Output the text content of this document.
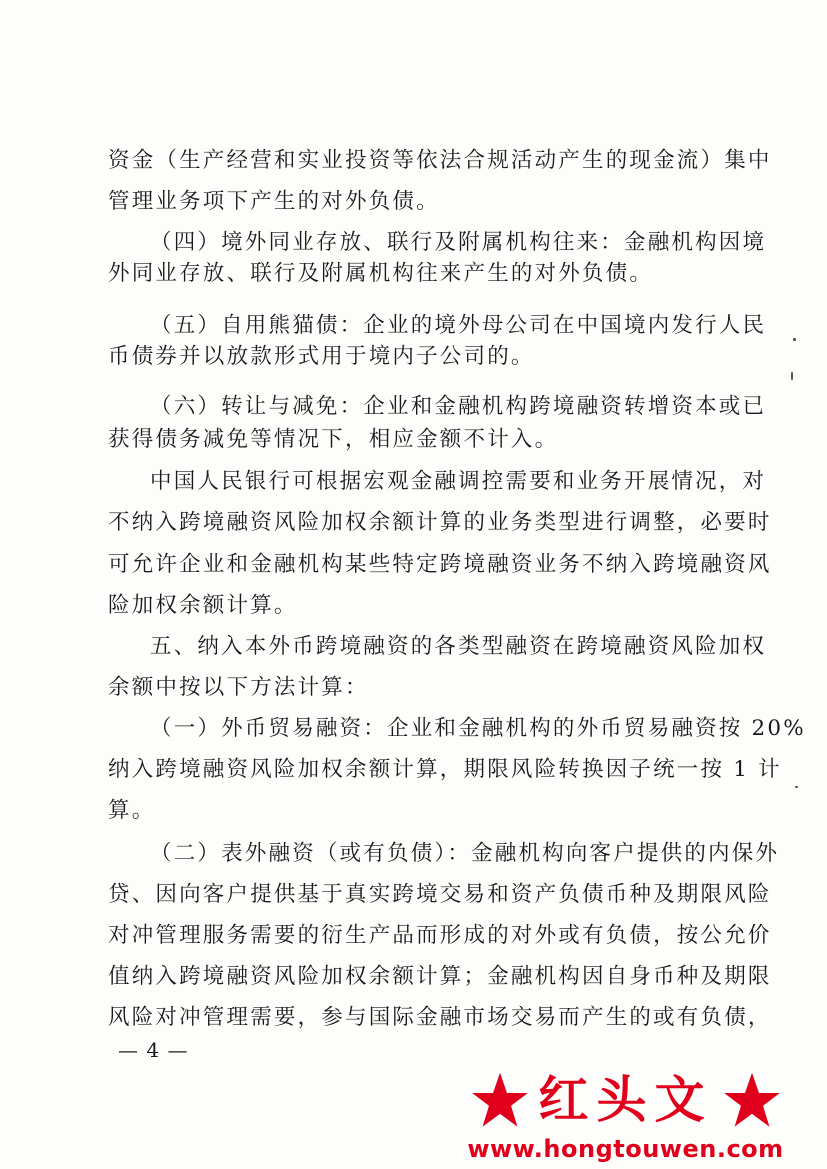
资金（生产经营和实业投资等依法合规活动产生的现金流）集中
管理业务项下产生的对外负债。
（四）境外同业存放、联行及附属机构往来：金融机构因境
外同业存放、联行及附属机构往来产生的对外负债。
（五）自用熊猫债：企业的境外母公司在中国境内发行人民
币债券并以放款形式用于境内子公司的。
（六）转让与减免：企业和金融机构跨境融资转增资本或已
获得债务减免等情况下，相应金额不计入。
中国人民银行可根据宏观金融调控需要和业务开展情况，对
不纳入跨境融资风险加权余额计算的业务类型进行调整，必要时
可允许企业和金融机构某些特定跨境融资业务不纳入跨境融资风
险加权余额计算。
五、纳入本外币跨境融资的各类型融资在跨境融资风险加权
余额中按以下方法计算：
（一）外币贸易融资：企业和金融机构的外币贸易融资按 20%
纳入跨境融资风险加权余额计算，期限风险转换因子统一按 1 计
算。
（二）表外融资（或有负债）：金融机构向客户提供的内保外
贷、因向客户提供基于真实跨境交易和资产负债币种及期限风险
对冲管理服务需要的衍生产品而形成的对外或有负债，按公允价
值纳入跨境融资风险加权余额计算；金融机构因自身币种及期限
风险对冲管理需要，参与国际金融市场交易而产生的或有负债，
— 4 —
红头文
www.hongtouwen.com
